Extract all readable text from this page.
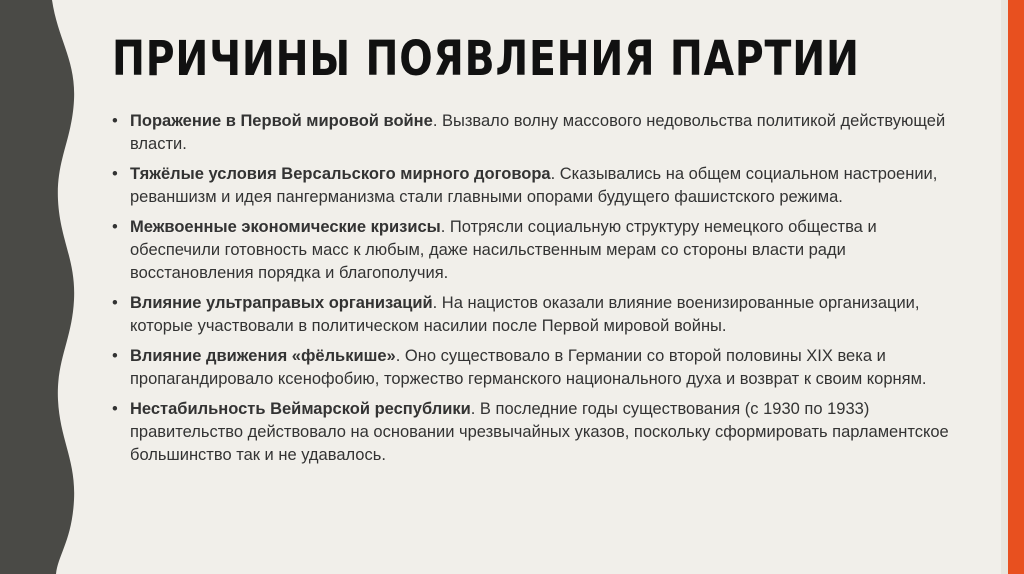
ПРИЧИНЫ ПОЯВЛЕНИЯ ПАРТИИ
• Поражение в Первой мировой войне. Вызвало волну массового недовольства политикой действующей власти.
• Тяжёлые условия Версальского мирного договора. Сказывались на общем социальном настроении, реваншизм и идея пангерманизма стали главными опорами будущего фашистского режима.
• Межвоенные экономические кризисы. Потрясли социальную структуру немецкого общества и обеспечили готовность масс к любым, даже насильственным мерам со стороны власти ради восстановления порядка и благополучия.
• Влияние ультраправых организаций. На нацистов оказали влияние военизированные организации, которые участвовали в политическом насилии после Первой мировой войны.
• Влияние движения «фёлькише». Оно существовало в Германии со второй половины XIX века и пропагандировало ксенофобию, торжество германского национального духа и возврат к своим корням.
• Нестабильность Веймарской республики. В последние годы существования (с 1930 по 1933) правительство действовало на основании чрезвычайных указов, поскольку сформировать парламентское большинство так и не удавалось.
